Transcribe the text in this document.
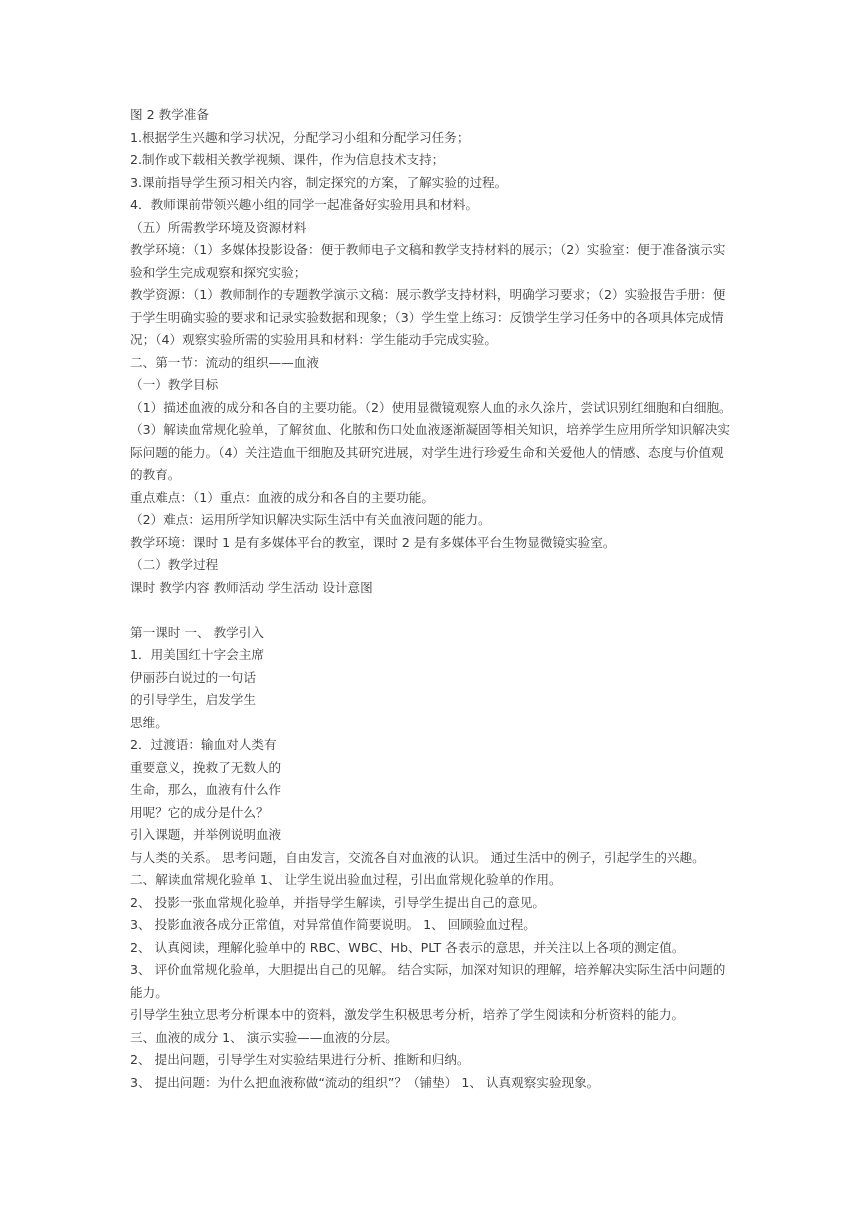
图 2 教学准备
1.根据学生兴趣和学习状况，分配学习小组和分配学习任务；
2.制作或下载相关教学视频、课件，作为信息技术支持；
3.课前指导学生预习相关内容，制定探究的方案，了解实验的过程。
4．教师课前带领兴趣小组的同学一起准备好实验用具和材料。
（五）所需教学环境及资源材料
教学环境：（1）多媒体投影设备：便于教师电子文稿和教学支持材料的展示；（2）实验室：便于准备演示实验和学生完成观察和探究实验；
教学资源：（1）教师制作的专题教学演示文稿：展示教学支持材料，明确学习要求；（2）实验报告手册：便于学生明确实验的要求和记录实验数据和现象；（3）学生堂上练习：反馈学生学习任务中的各项具体完成情况；（4）观察实验所需的实验用具和材料：学生能动手完成实验。
二、第一节：流动的组织——血液
（一）教学目标
（1）描述血液的成分和各自的主要功能。（2）使用显微镜观察人血的永久涂片，尝试识别红细胞和白细胞。（3）解读血常规化验单，了解贫血、化脓和伤口处血液逐渐凝固等相关知识，培养学生应用所学知识解决实际问题的能力。（4）关注造血干细胞及其研究进展，对学生进行珍爱生命和关爱他人的情感、态度与价值观的教育。
重点难点：（1）重点：血液的成分和各自的主要功能。
（2）难点：运用所学知识解决实际生活中有关血液问题的能力。
教学环境：课时 1 是有多媒体平台的教室，课时 2 是有多媒体平台生物显微镜实验室。
（二）教学过程
课时 教学内容 教师活动 学生活动 设计意图
第一课时 一、 教学引入
1．用美国红十字会主席
伊丽莎白说过的一句话
的引导学生，启发学生
思维。
2．过渡语：输血对人类有
重要意义，挽救了无数人的
生命，那么，血液有什么作
用呢？它的成分是什么？
引入课题，并举例说明血液
与人类的关系。 思考问题，自由发言，交流各自对血液的认识。 通过生活中的例子，引起学生的兴趣。
二、解读血常规化验单 1、 让学生说出验血过程，引出血常规化验单的作用。
2、 投影一张血常规化验单，并指导学生解读，引导学生提出自己的意见。
3、 投影血液各成分正常值，对异常值作简要说明。 1、 回顾验血过程。
2、 认真阅读，理解化验单中的 RBC、WBC、Hb、PLT 各表示的意思，并关注以上各项的测定值。
3、 评价血常规化验单，大胆提出自己的见解。 结合实际，加深对知识的理解，培养解决实际生活中问题的能力。
引导学生独立思考分析课本中的资料，激发学生积极思考分析，培养了学生阅读和分析资料的能力。
三、血液的成分 1、 演示实验——血液的分层。
2、 提出问题，引导学生对实验结果进行分析、推断和归纳。
3、 提出问题：为什么把血液称做“流动的组织”？（铺垫） 1、 认真观察实验现象。
